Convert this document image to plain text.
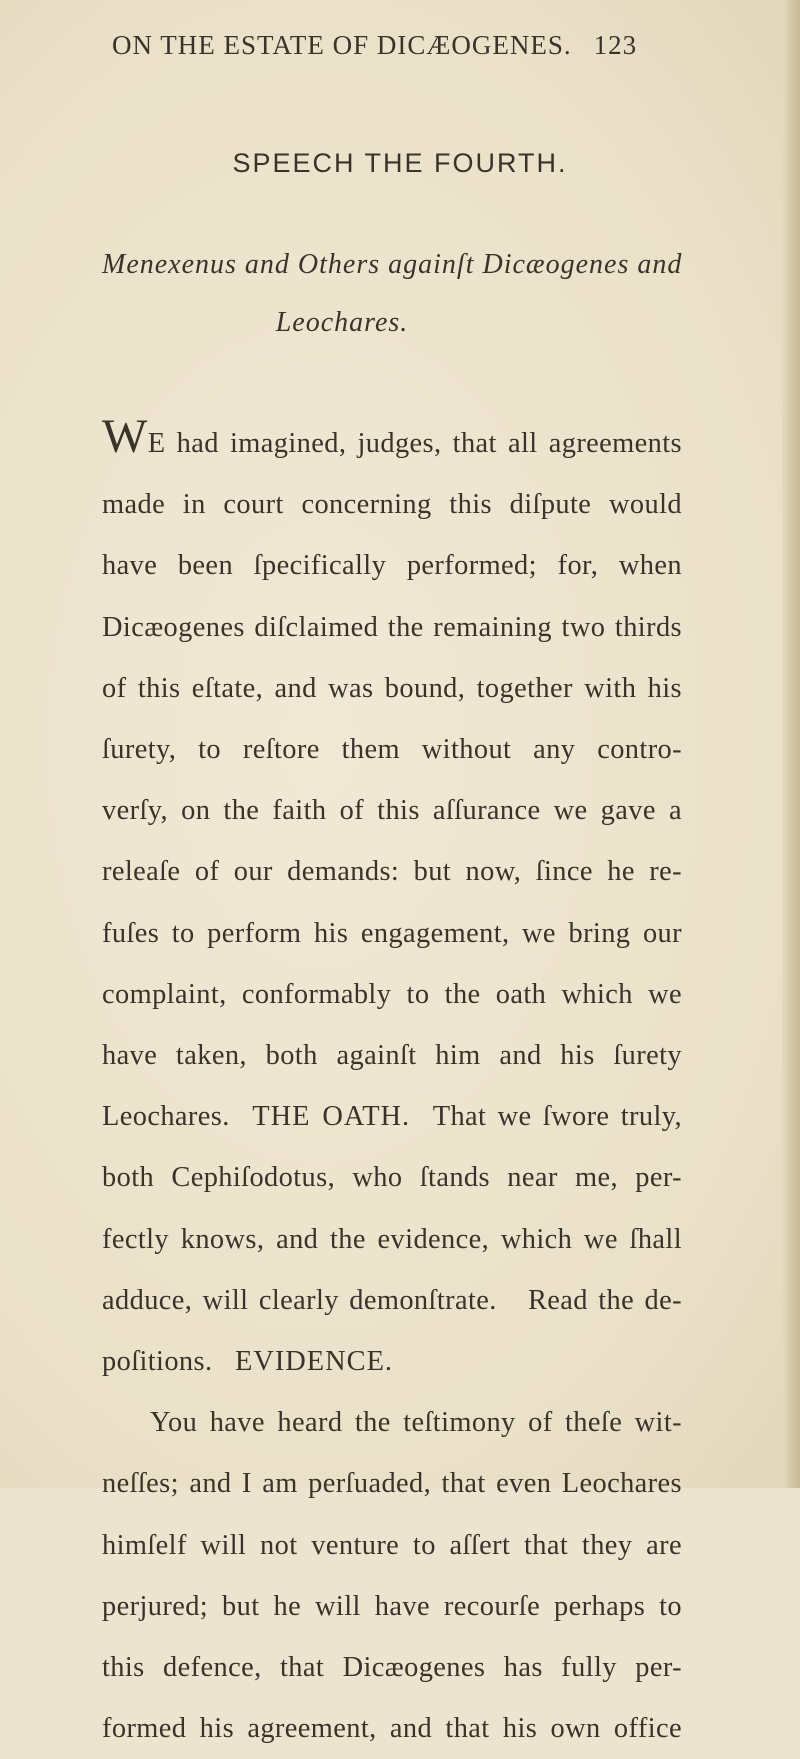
ON THE ESTATE OF DICÆOGENES. 123
SPEECH THE FOURTH.
Menexenus and Others againſt Dicæogenes and
Leochares.
WE had imagined, judges, that all agreements
made in court concerning this diſpute would
have been ſpecifically performed; for, when
Dicæogenes diſclaimed the remaining two thirds
of this eſtate, and was bound, together with his
ſurety, to reſtore them without any contro-
verſy, on the faith of this aſſurance we gave a
releaſe of our demands: but now, ſince he re-
fuſes to perform his engagement, we bring our
complaint, conformably to the oath which we
have taken, both againſt him and his ſurety
Leochares. THE OATH. That we ſwore truly,
both Cephiſodotus, who ſtands near me, per-
fectly knows, and the evidence, which we ſhall
adduce, will clearly demonſtrate. Read the de-
poſitions. EVIDENCE.
You have heard the teſtimony of theſe wit-
neſſes; and I am perſuaded, that even Leochares
himſelf will not venture to aſſert that they are
perjured; but he will have recourſe perhaps to
this defence, that Dicæogenes has fully per-
formed his agreement, and that his own office
